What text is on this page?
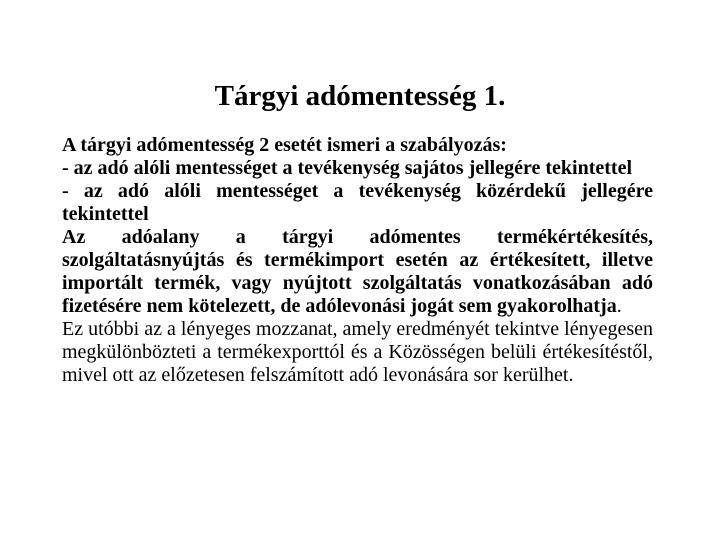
Tárgyi adómentesség 1.

A tárgyi adómentesség 2 esetét ismeri a szabályozás:

- az adó alóli mentességet a tevékenység sajátos jellegére tekintettel

- az adó alóli mentességet a tevékenység közérdekű jellegére tekintettel

Az adóalany a tárgyi adómentes termékértékesítés, szolgáltatásnyújtás és termékimport esetén az értékesített, illetve importált termék, vagy nyújtott szolgáltatás vonatkozásában adó fizetésére nem kötelezett, de adólevonási jogát sem gyakorolhatja.

Ez utóbbi az a lényeges mozzanat, amely eredményét tekintve lényegesen megkülönbözteti a termékexporttól és a Közösségen belüli értékesítéstől, mivel ott az előzetesen felszámított adó levonására sor kerülhet.
